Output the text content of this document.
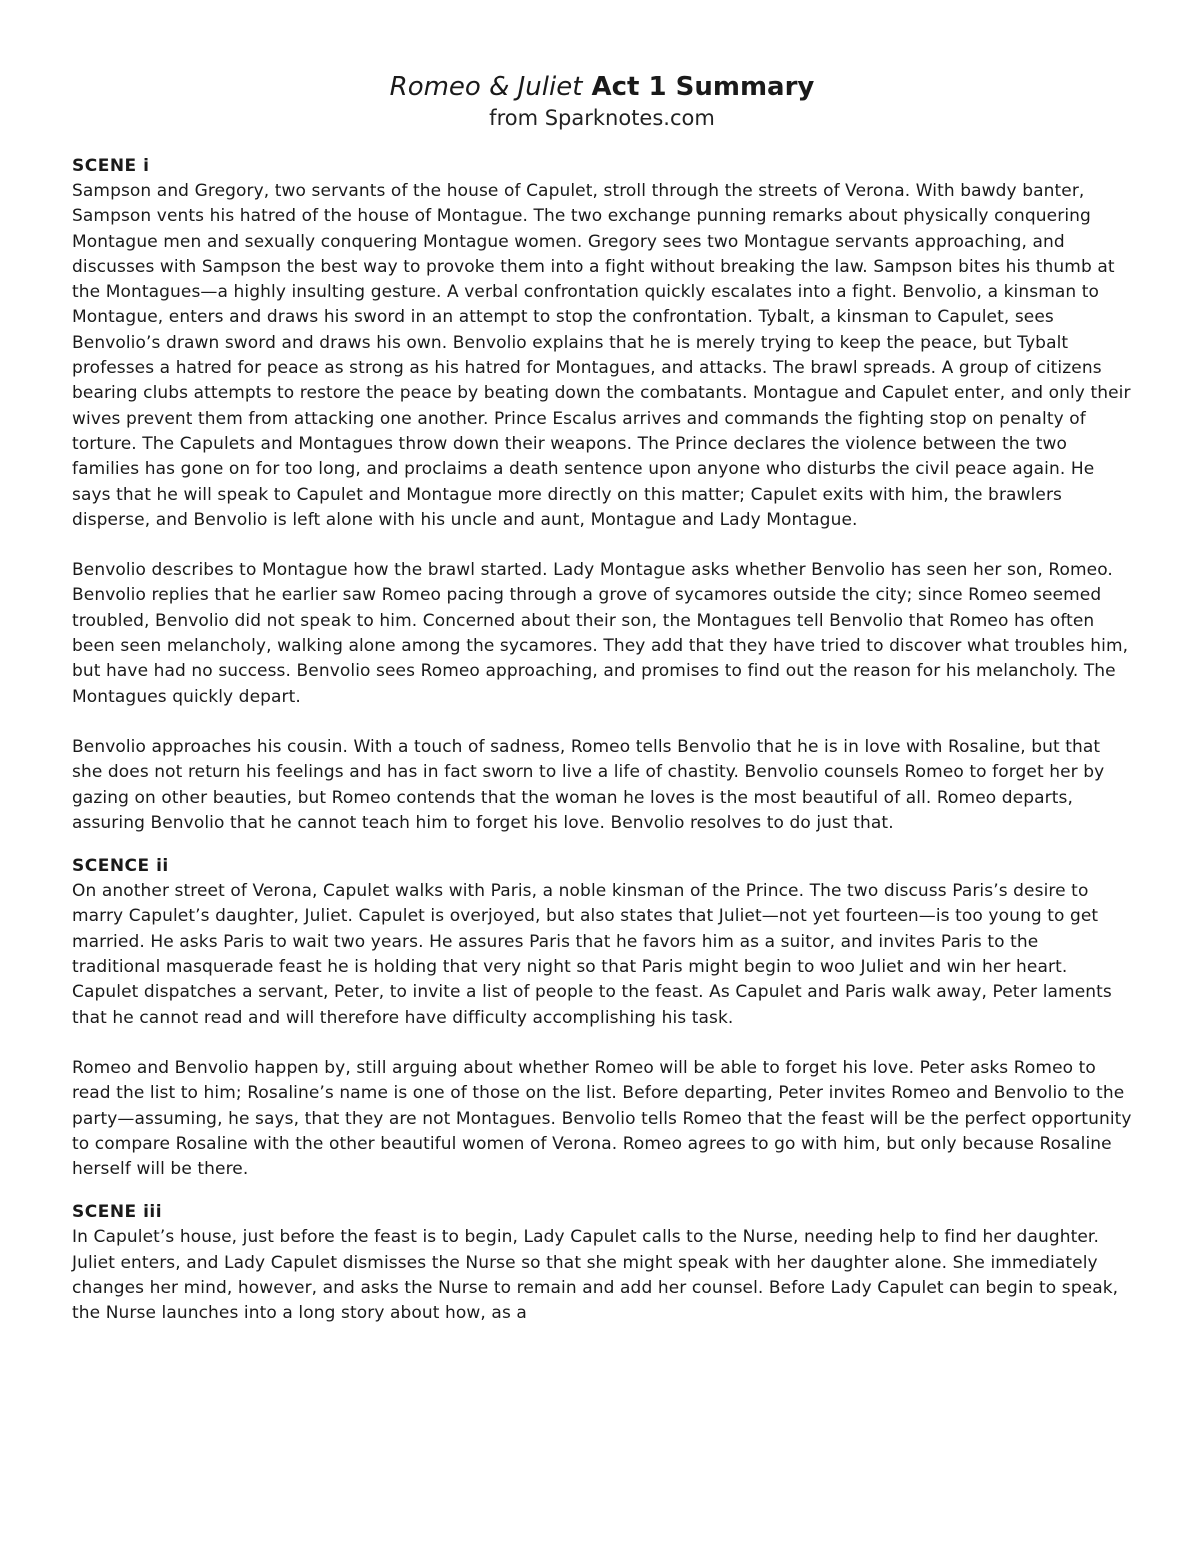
Romeo & Juliet Act 1 Summary

from Sparknotes.com

SCENE i

Sampson and Gregory, two servants of the house of Capulet, stroll through the streets of Verona. With bawdy banter, Sampson vents his hatred of the house of Montague. The two exchange punning remarks about physically conquering Montague men and sexually conquering Montague women. Gregory sees two Montague servants approaching, and discusses with Sampson the best way to provoke them into a fight without breaking the law. Sampson bites his thumb at the Montagues—a highly insulting gesture. A verbal confrontation quickly escalates into a fight. Benvolio, a kinsman to Montague, enters and draws his sword in an attempt to stop the confrontation. Tybalt, a kinsman to Capulet, sees Benvolio’s drawn sword and draws his own. Benvolio explains that he is merely trying to keep the peace, but Tybalt professes a hatred for peace as strong as his hatred for Montagues, and attacks. The brawl spreads. A group of citizens bearing clubs attempts to restore the peace by beating down the combatants. Montague and Capulet enter, and only their wives prevent them from attacking one another. Prince Escalus arrives and commands the fighting stop on penalty of torture. The Capulets and Montagues throw down their weapons. The Prince declares the violence between the two families has gone on for too long, and proclaims a death sentence upon anyone who disturbs the civil peace again. He says that he will speak to Capulet and Montague more directly on this matter; Capulet exits with him, the brawlers disperse, and Benvolio is left alone with his uncle and aunt, Montague and Lady Montague.

Benvolio describes to Montague how the brawl started. Lady Montague asks whether Benvolio has seen her son, Romeo. Benvolio replies that he earlier saw Romeo pacing through a grove of sycamores outside the city; since Romeo seemed troubled, Benvolio did not speak to him. Concerned about their son, the Montagues tell Benvolio that Romeo has often been seen melancholy, walking alone among the sycamores. They add that they have tried to discover what troubles him, but have had no success. Benvolio sees Romeo approaching, and promises to find out the reason for his melancholy. The Montagues quickly depart.

Benvolio approaches his cousin. With a touch of sadness, Romeo tells Benvolio that he is in love with Rosaline, but that she does not return his feelings and has in fact sworn to live a life of chastity. Benvolio counsels Romeo to forget her by gazing on other beauties, but Romeo contends that the woman he loves is the most beautiful of all. Romeo departs, assuring Benvolio that he cannot teach him to forget his love. Benvolio resolves to do just that.

SCENCE ii

On another street of Verona, Capulet walks with Paris, a noble kinsman of the Prince. The two discuss Paris’s desire to marry Capulet’s daughter, Juliet. Capulet is overjoyed, but also states that Juliet—not yet fourteen—is too young to get married. He asks Paris to wait two years. He assures Paris that he favors him as a suitor, and invites Paris to the traditional masquerade feast he is holding that very night so that Paris might begin to woo Juliet and win her heart. Capulet dispatches a servant, Peter, to invite a list of people to the feast. As Capulet and Paris walk away, Peter laments that he cannot read and will therefore have difficulty accomplishing his task.

Romeo and Benvolio happen by, still arguing about whether Romeo will be able to forget his love. Peter asks Romeo to read the list to him; Rosaline’s name is one of those on the list. Before departing, Peter invites Romeo and Benvolio to the party—assuming, he says, that they are not Montagues. Benvolio tells Romeo that the feast will be the perfect opportunity to compare Rosaline with the other beautiful women of Verona. Romeo agrees to go with him, but only because Rosaline herself will be there.

SCENE iii

In Capulet’s house, just before the feast is to begin, Lady Capulet calls to the Nurse, needing help to find her daughter. Juliet enters, and Lady Capulet dismisses the Nurse so that she might speak with her daughter alone. She immediately changes her mind, however, and asks the Nurse to remain and add her counsel. Before Lady Capulet can begin to speak, the Nurse launches into a long story about how, as a
